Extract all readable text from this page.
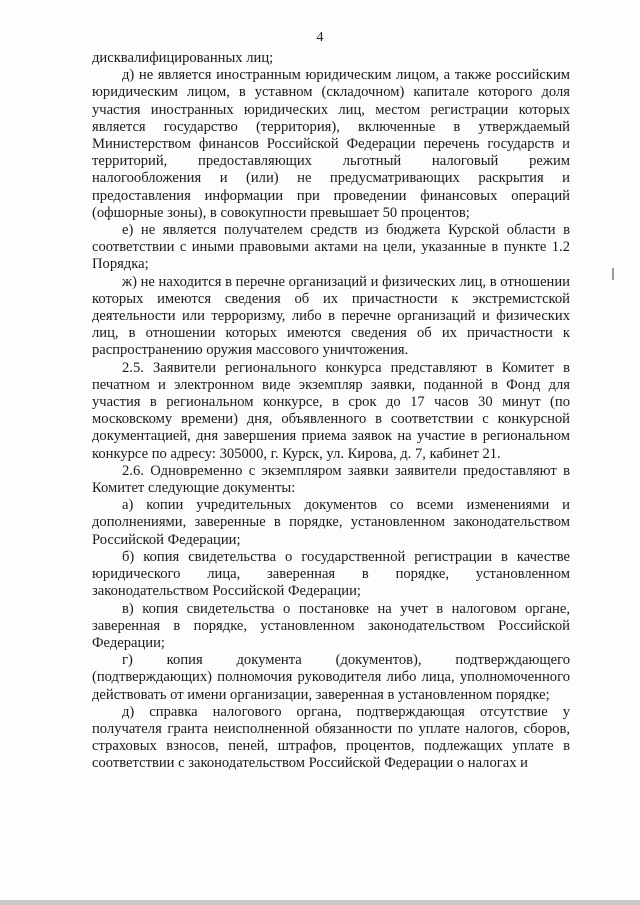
4

дисквалифицированных лиц;

д) не является иностранным юридическим лицом, а также российским юридическим лицом, в уставном (складочном) капитале которого доля участия иностранных юридических лиц, местом регистрации которых является государство (территория), включенные в утверждаемый Министерством финансов Российской Федерации перечень государств и территорий, предоставляющих льготный налоговый режим налогообложения и (или) не предусматривающих раскрытия и предоставления информации при проведении финансовых операций (офшорные зоны), в совокупности превышает 50 процентов;

е) не является получателем средств из бюджета Курской области в соответствии с иными правовыми актами на цели, указанные в пункте 1.2 Порядка;

ж) не находится в перечне организаций и физических лиц, в отношении которых имеются сведения об их причастности к экстремистской деятельности или терроризму, либо в перечне организаций и физических лиц, в отношении которых имеются сведения об их причастности к распространению оружия массового уничтожения.

2.5. Заявители регионального конкурса представляют в Комитет в печатном и электронном виде экземпляр заявки, поданной в Фонд для участия в региональном конкурсе, в срок до 17 часов 30 минут (по московскому времени) дня, объявленного в соответствии с конкурсной документацией, дня завершения приема заявок на участие в региональном конкурсе по адресу: 305000, г. Курск, ул. Кирова, д. 7, кабинет 21.

2.6. Одновременно с экземпляром заявки заявители предоставляют в Комитет следующие документы:

а) копии учредительных документов со всеми изменениями и дополнениями, заверенные в порядке, установленном законодательством Российской Федерации;

б) копия свидетельства о государственной регистрации в качестве юридического лица, заверенная в порядке, установленном законодательством Российской Федерации;

в) копия свидетельства о постановке на учет в налоговом органе, заверенная в порядке, установленном законодательством Российской Федерации;

г) копия документа (документов), подтверждающего (подтверждающих) полномочия руководителя либо лица, уполномоченного действовать от имени организации, заверенная в установленном порядке;

д) справка налогового органа, подтверждающая отсутствие у получателя гранта неисполненной обязанности по уплате налогов, сборов, страховых взносов, пеней, штрафов, процентов, подлежащих уплате в соответствии с законодательством Российской Федерации о налогах и
